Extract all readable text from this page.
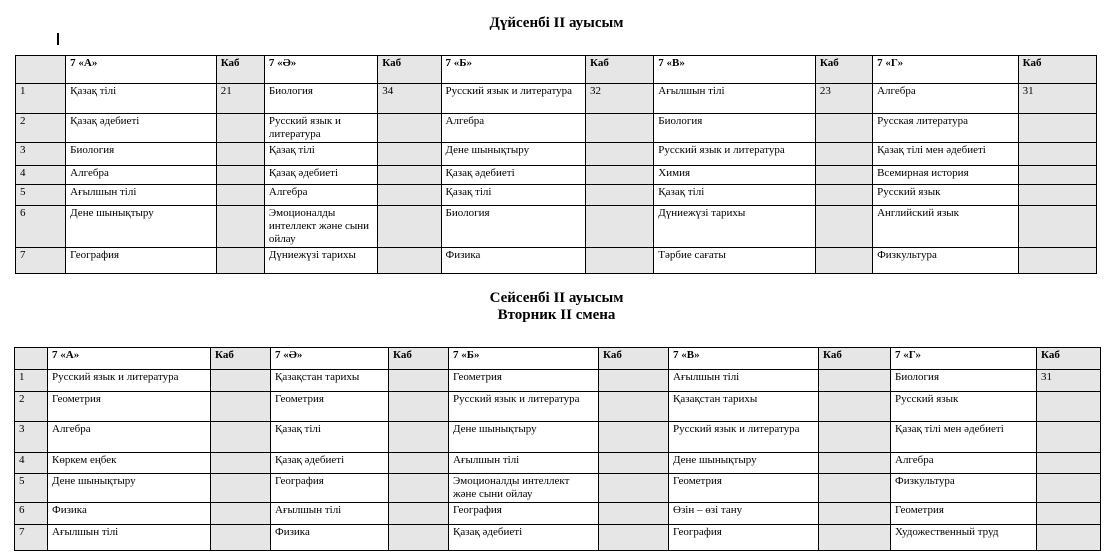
Дүйсенбі ІІ ауысым
	7 «А»	Каб	7 «Ә»	Каб	7 «Б»	Каб	7 «В»	Каб	7 «Г»	Каб
1	Қазақ тілі	21	Биология	34	Русский язык и литература	32	Ағылшын тілі	23	Алгебра	31
2	Қазақ әдебиеті		Русский язык и литература		Алгебра		Биология		Русская литература	
3	Биология		Қазақ тілі		Дене шынықтыру		Русский язык и литература		Қазақ тілі мен әдебиеті	
4	Алгебра		Қазақ әдебиеті		Қазақ әдебиеті		Химия		Всемирная история	
5	Ағылшын тілі		Алгебра		Қазақ тілі		Қазақ тілі		Русский язык	
6	Дене шынықтыру		Эмоционалды интеллект және сыни ойлау		Биология		Дүниежүзі тарихы		Английский язык	
7	География		Дүниежүзі тарихы		Физика		Тәрбие сағаты		Физкультура	
Сейсенбі ІІ ауысым
Вторник ІІ смена
	7 «А»	Каб	7 «Ә»	Каб	7 «Б»	Каб	7 «В»	Каб	7 «Г»	Каб
1	Русский язык и литература		Қазақстан тарихы		Геометрия		Ағылшын тілі		Биология	31
2	Геометрия		Геометрия		Русский язык и литература		Қазақстан тарихы		Русский язык	
3	Алгебра		Қазақ тілі		Дене шынықтыру		Русский язык и литература		Қазақ тілі мен әдебиеті	
4	Көркем еңбек		Қазақ әдебиеті		Ағылшын тілі		Дене шынықтыру		Алгебра	
5	Дене шынықтыру		География		Эмоционалды интеллект және сыни ойлау		Геометрия		Физкультура	
6	Физика		Ағылшын тілі		География		Өзін – өзі тану		Геометрия	
7	Ағылшын тілі		Физика		Қазақ әдебиеті		География		Художественный труд	
